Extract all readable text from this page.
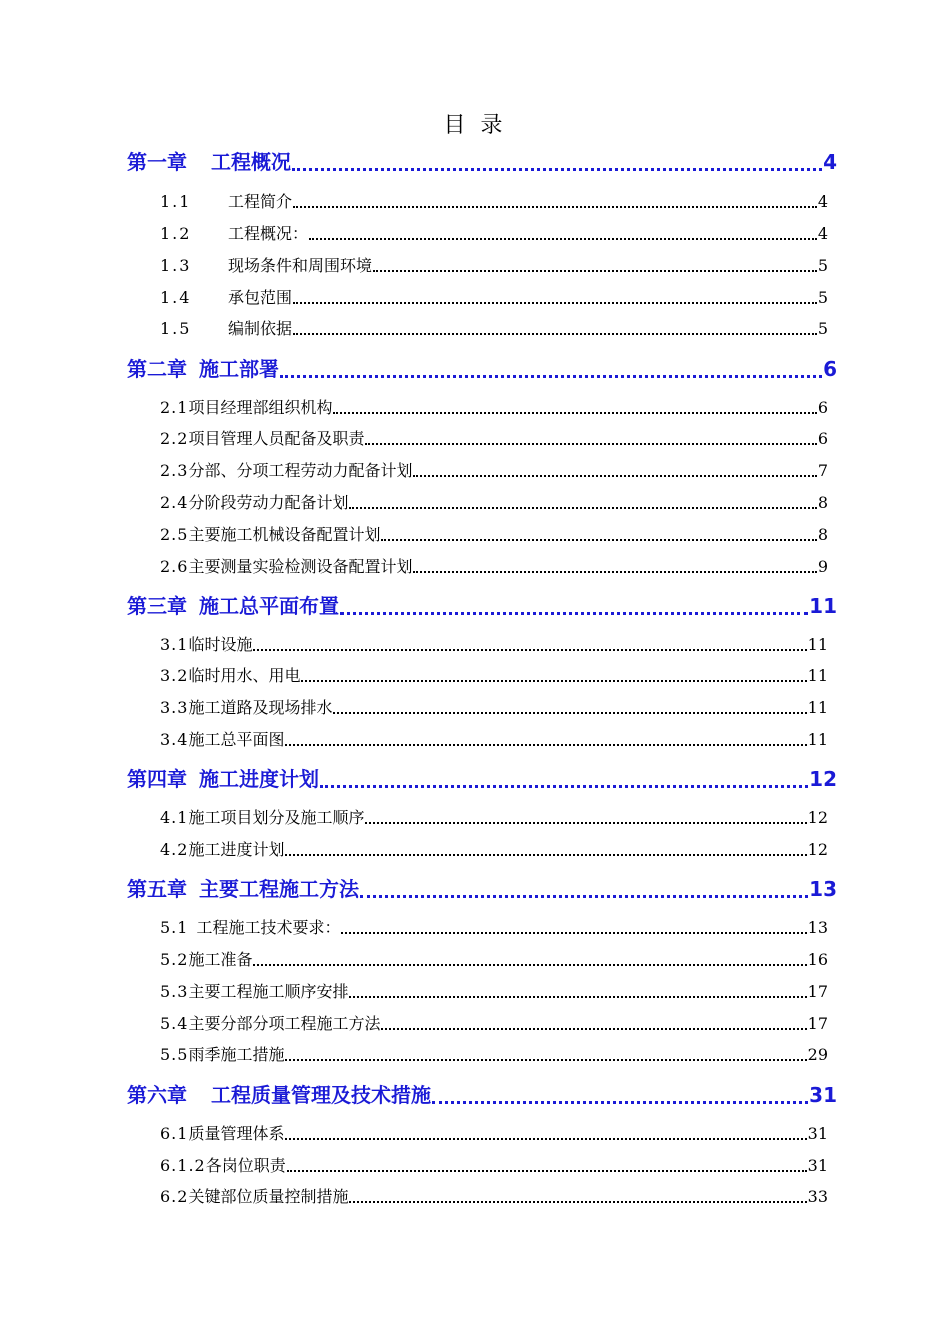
目 录
第一章 工程概况	4
1.1	工程简介	4
1.2	工程概况：	4
1.3	现场条件和周围环境	5
1.4	承包范围	5
1.5	编制依据	5
第二章 施工部署	6
2.1 项目经理部组织机构	6
2.2 项目管理人员配备及职责	6
2.3 分部、分项工程劳动力配备计划	7
2.4 分阶段劳动力配备计划	8
2.5 主要施工机械设备配置计划	8
2.6 主要测量实验检测设备配置计划	9
第三章 施工总平面布置	11
3.1 临时设施	11
3.2 临时用水、用电	11
3.3 施工道路及现场排水	11
3.4 施工总平面图	11
第四章 施工进度计划	12
4.1 施工项目划分及施工顺序	12
4.2 施工进度计划	12
第五章 主要工程施工方法	13
5.1 工程施工技术要求：	13
5.2 施工准备	16
5.3 主要工程施工顺序安排	17
5.4 主要分部分项工程施工方法	17
5.5 雨季施工措施	29
第六章 工程质量管理及技术措施	31
6.1 质量管理体系	31
6.1.2 各岗位职责	31
6.2 关键部位质量控制措施	33
